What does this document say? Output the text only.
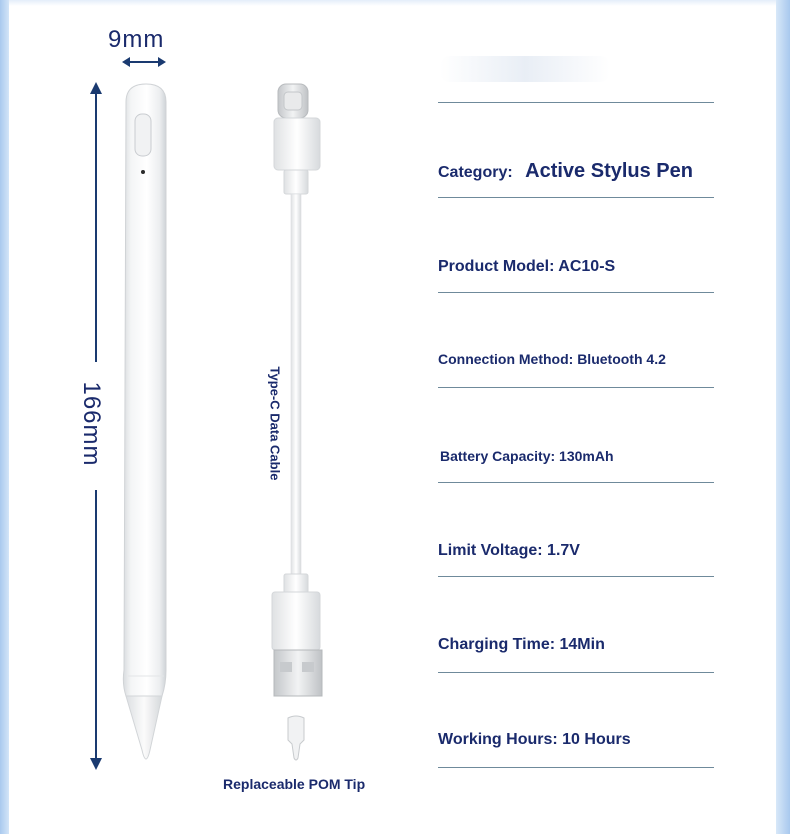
9mm
166mm	Type-C Data Cable
Replaceable POM Tip
Category: Active Stylus Pen
Product Model: AC10-S
Connection Method: Bluetooth 4.2
Battery Capacity: 130mAh
Limit Voltage: 1.7V
Charging Time: 14Min
Working Hours: 10 Hours
